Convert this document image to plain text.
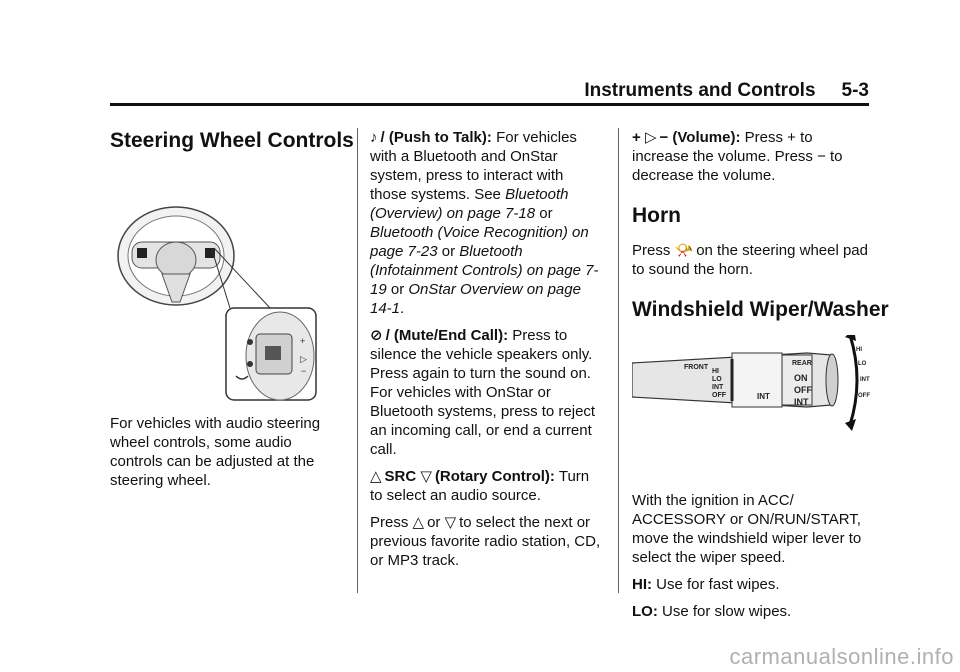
Instruments and Controls 5-3
Steering Wheel Controls
+
▷
−

For vehicles with audio steering wheel controls, some audio controls can be adjusted at the steering wheel.

♪ / (Push to Talk): For vehicles with a Bluetooth and OnStar system, press to interact with those systems. See Bluetooth (Overview) on page 7-18 or Bluetooth (Voice Recognition) on page 7-23 or Bluetooth (Infotainment Controls) on page 7-19 or OnStar Overview on page 14-1.

⊘ / (Mute/End Call): Press to silence the vehicle speakers only. Press again to turn the sound on. For vehicles with OnStar or Bluetooth systems, press to reject an incoming call, or end a current call.

△ SRC ▽ (Rotary Control): Turn to select an audio source.

Press △ or ▽ to select the next or previous favorite radio station, CD, or MP3 track.

+ ▷ − (Volume): Press + to increase the volume. Press − to decrease the volume.

Horn

Press 📯 on the steering wheel pad to sound the horn.

Windshield Wiper/Washer
FRONT
REAR
HI
LO
INT
OFF
ON
OFF
INT
INT
HI
LO
INT
OFF

With the ignition in ACC/ ACCESSORY or ON/RUN/START, move the windshield wiper lever to select the wiper speed.

HI: Use for fast wipes.

LO: Use for slow wipes.

carmanualsonline.info
